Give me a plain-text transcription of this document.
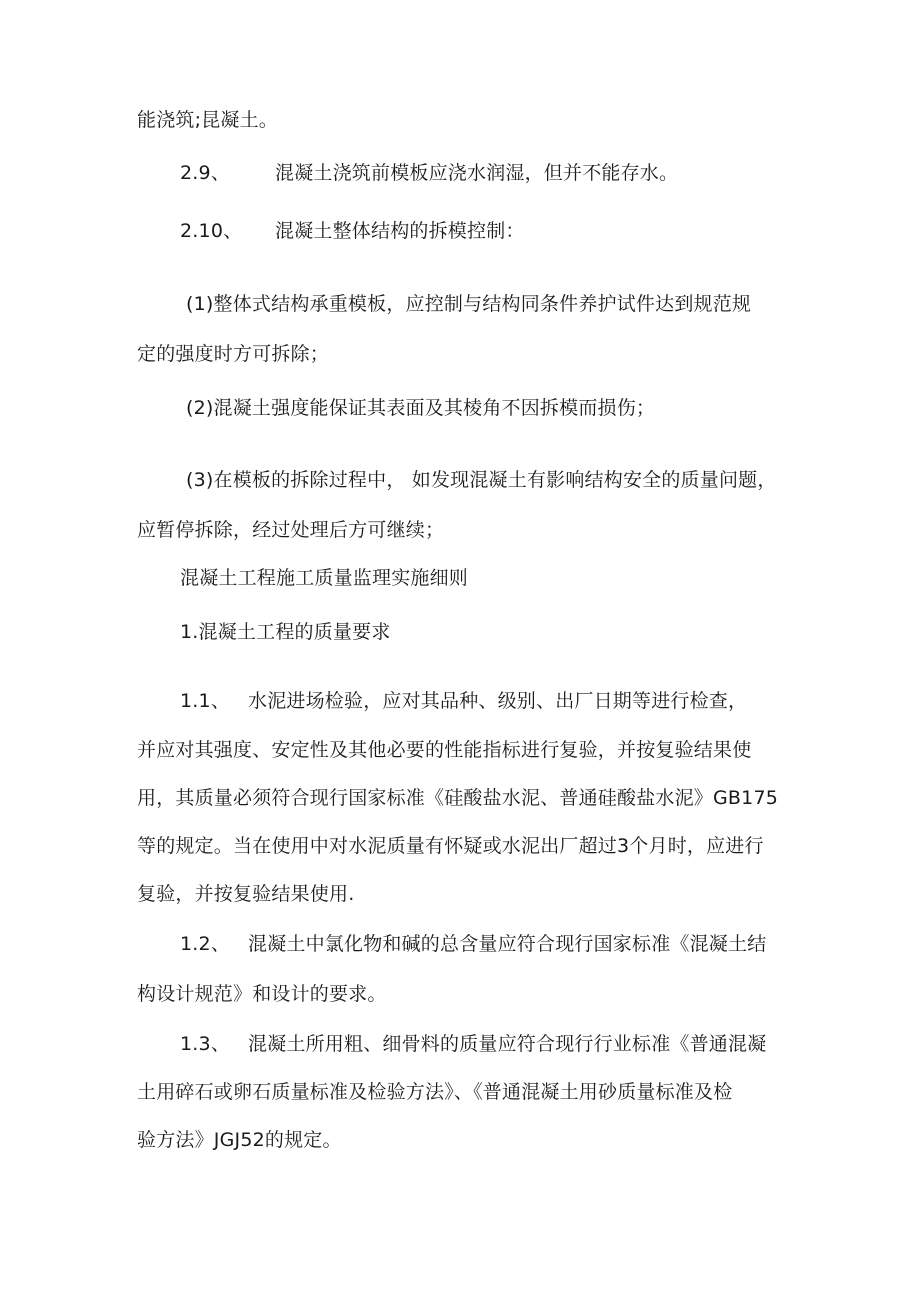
能浇筑;昆凝土。
2.9、 混凝土浇筑前模板应浇水润湿，但并不能存水。
2.10、 混凝土整体结构的拆模控制：
(1)整体式结构承重模板，应控制与结构同条件养护试件达到规范规
定的强度时方可拆除；
(2)混凝土强度能保证其表面及其棱角不因拆模而损伤；
(3)在模板的拆除过程中， 如发现混凝土有影响结构安全的质量问题，
应暂停拆除，经过处理后方可继续；
混凝土工程施工质量监理实施细则
1.混凝土工程的质量要求
1.1、 水泥进场检验，应对其品种、级别、出厂日期等进行检查，
并应对其强度、安定性及其他必要的性能指标进行复验，并按复验结果使
用，其质量必须符合现行国家标准《硅酸盐水泥、普通硅酸盐水泥》GB175
等的规定。当在使用中对水泥质量有怀疑或水泥出厂超过3个月时，应进行
复验，并按复验结果使用.
1.2、 混凝土中氯化物和碱的总含量应符合现行国家标准《混凝土结
构设计规范》和设计的要求。
1.3、 混凝土所用粗、细骨料的质量应符合现行行业标准《普通混凝
土用碎石或卵石质量标准及检验方法》、《普通混凝土用砂质量标准及检
验方法》JGJ52的规定。
